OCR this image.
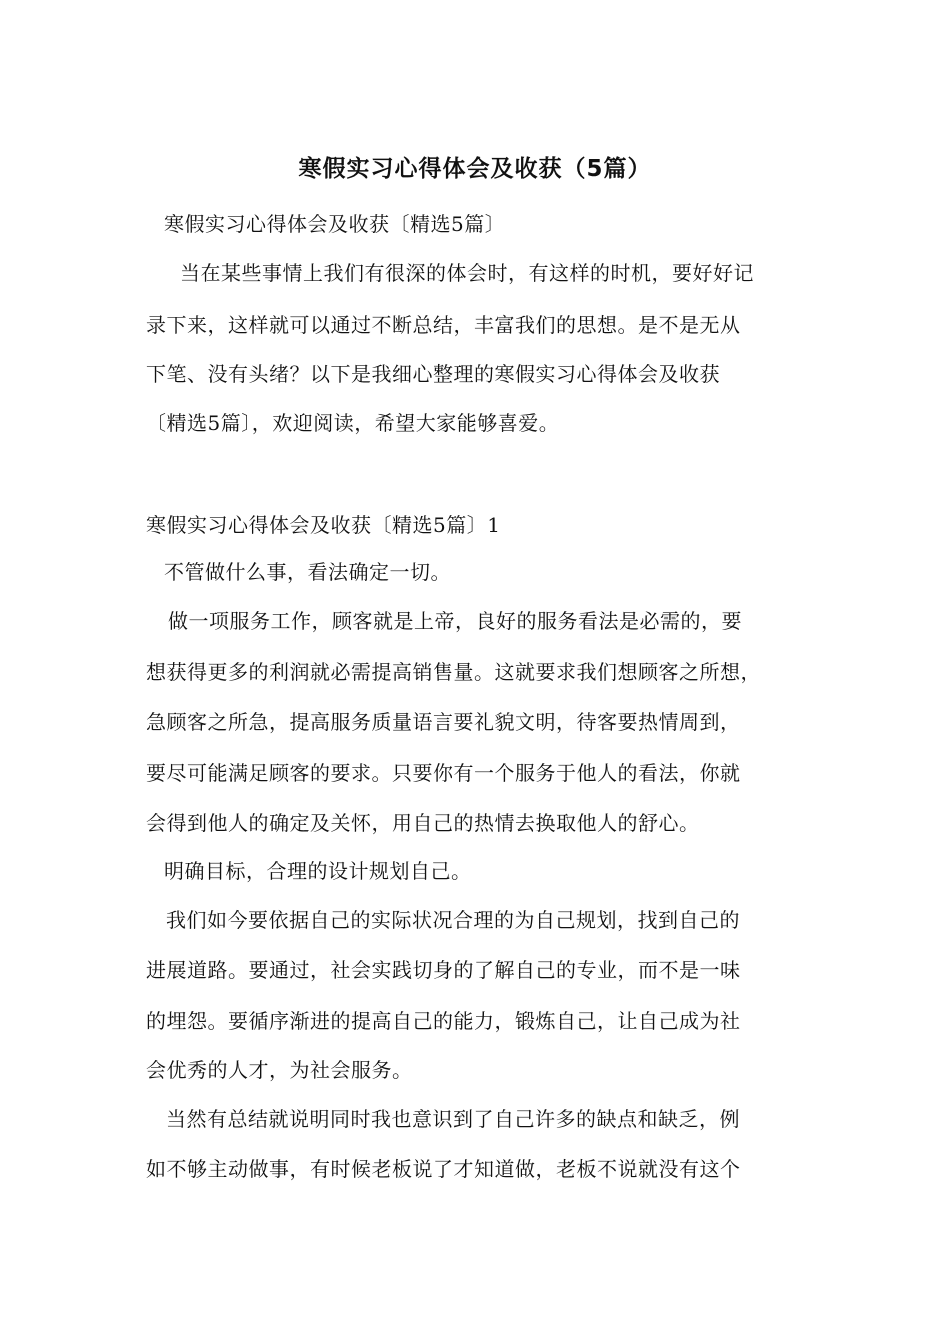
寒假实习心得体会及收获（5篇）
寒假实习心得体会及收获〔精选5篇〕
当在某些事情上我们有很深的体会时，有这样的时机，要好好记
录下来，这样就可以通过不断总结，丰富我们的思想。是不是无从
下笔、没有头绪？以下是我细心整理的寒假实习心得体会及收获
〔精选5篇〕，欢迎阅读，希望大家能够喜爱。
寒假实习心得体会及收获〔精选5篇〕1
不管做什么事，看法确定一切。
做一项服务工作，顾客就是上帝，良好的服务看法是必需的，要
想获得更多的利润就必需提高销售量。这就要求我们想顾客之所想，
急顾客之所急，提高服务质量语言要礼貌文明，待客要热情周到，
要尽可能满足顾客的要求。只要你有一个服务于他人的看法，你就
会得到他人的确定及关怀，用自己的热情去换取他人的舒心。
明确目标，合理的设计规划自己。
我们如今要依据自己的实际状况合理的为自己规划，找到自己的
进展道路。要通过，社会实践切身的了解自己的专业，而不是一味
的埋怨。要循序渐进的提高自己的能力，锻炼自己，让自己成为社
会优秀的人才，为社会服务。
当然有总结就说明同时我也意识到了自己许多的缺点和缺乏，例
如不够主动做事，有时候老板说了才知道做，老板不说就没有这个
